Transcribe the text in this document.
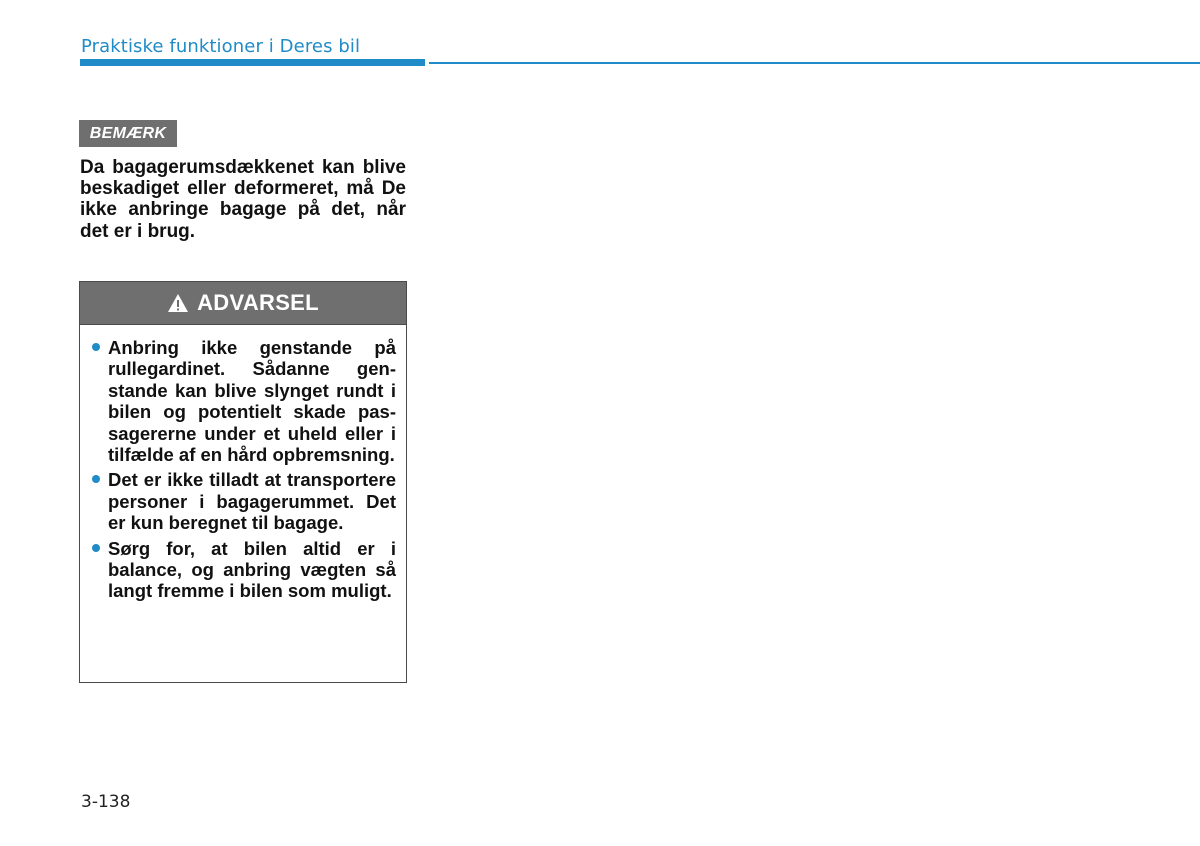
Praktiske funktioner i Deres bil
BEMÆRK
Da bagagerumsdækkenet kan blive beskadiget eller deformeret, må De ikke anbringe bagage på det, når det er i brug.
ADVARSEL
Anbring ikke genstande på rullegardinet. Sådanne genstande kan blive slynget rundt i bilen og potentielt skade passagererne under et uheld eller i tilfælde af en hård opbremsning.
Det er ikke tilladt at transportere personer i bagagerummet. Det er kun beregnet til bagage.
Sørg for, at bilen altid er i balance, og anbring vægten så langt fremme i bilen som muligt.
3-138
